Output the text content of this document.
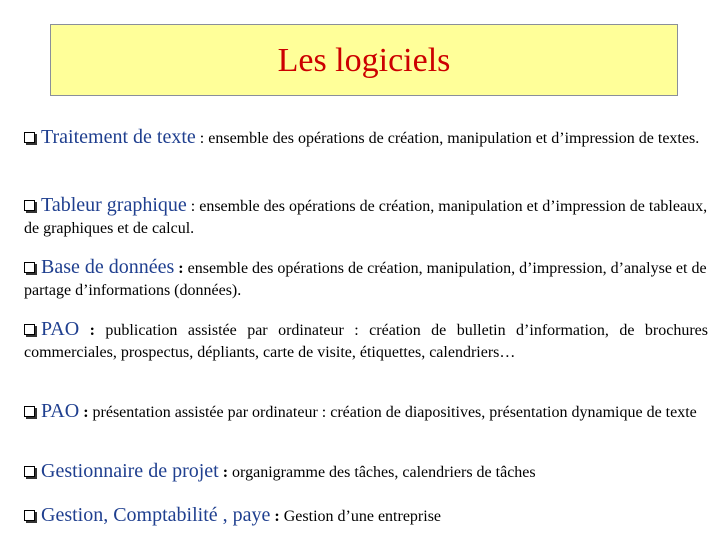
Les logiciels
Traitement de texte : ensemble des opérations de création, manipulation et d’impression de textes.
Tableur graphique : ensemble des opérations de création, manipulation et d’impression de tableaux, de graphiques et de calcul.
Base de données : ensemble des opérations de création, manipulation, d’impression, d’analyse et de partage d’informations (données).
PAO : publication assistée par ordinateur : création de bulletin d’information, de brochures commerciales, prospectus, dépliants, carte de visite, étiquettes, calendriers…
PAO : présentation assistée par ordinateur : création de diapositives, présentation dynamique de texte
Gestionnaire de projet : organigramme des tâches, calendriers de tâches
Gestion, Comptabilité , paye : Gestion d’une entreprise
